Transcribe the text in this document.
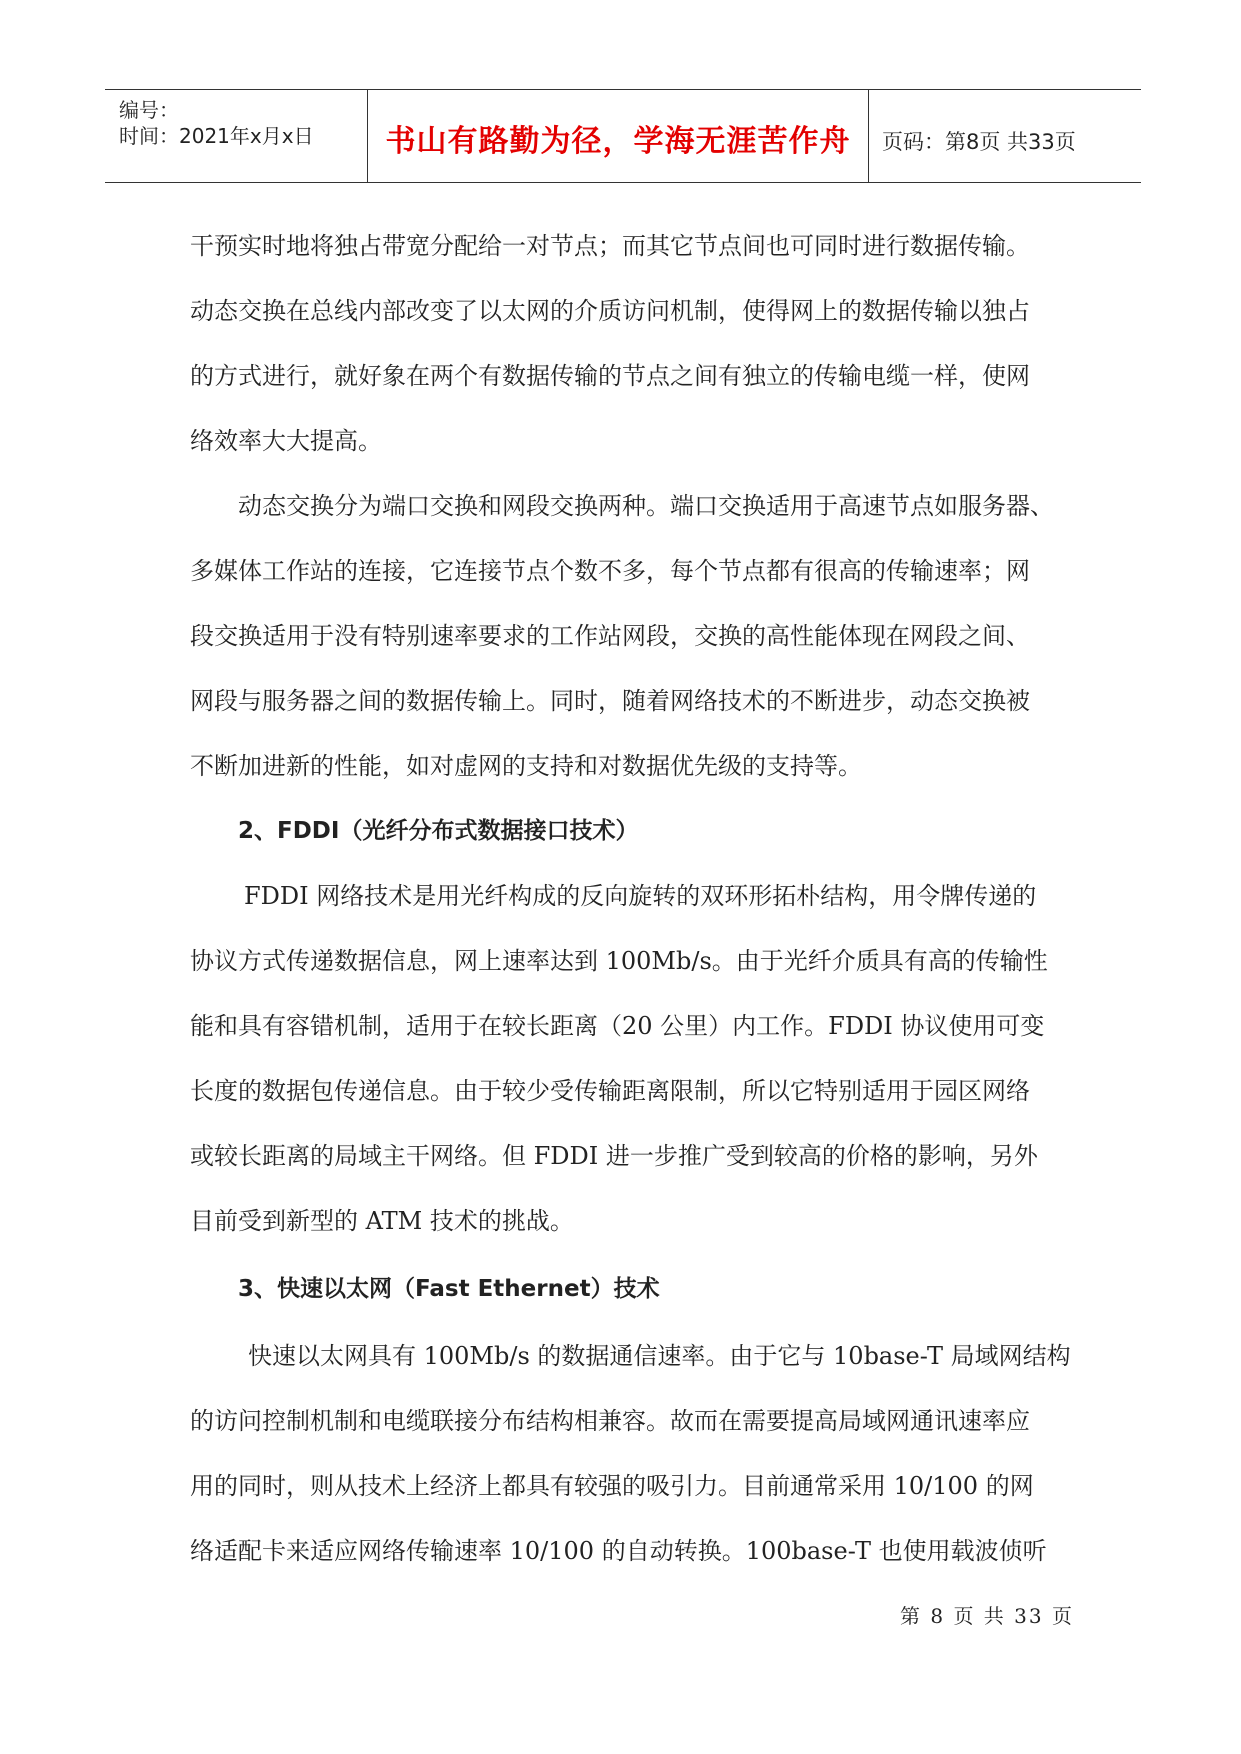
编号：
时间：2021年x月x日	书山有路勤为径，学海无涯苦作舟	页码：第8页 共33页
干预实时地将独占带宽分配给一对节点；而其它节点间也可同时进行数据传输。
动态交换在总线内部改变了以太网的介质访问机制，使得网上的数据传输以独占
的方式进行，就好象在两个有数据传输的节点之间有独立的传输电缆一样，使网
络效率大大提高。
动态交换分为端口交换和网段交换两种。端口交换适用于高速节点如服务器、
多媒体工作站的连接，它连接节点个数不多，每个节点都有很高的传输速率；网
段交换适用于没有特别速率要求的工作站网段，交换的高性能体现在网段之间、
网段与服务器之间的数据传输上。同时，随着网络技术的不断进步，动态交换被
不断加进新的性能，如对虚网的支持和对数据优先级的支持等。
2、FDDI（光纤分布式数据接口技术）
FDDI 网络技术是用光纤构成的反向旋转的双环形拓朴结构，用令牌传递的
协议方式传递数据信息，网上速率达到 100Mb/s。由于光纤介质具有高的传输性
能和具有容错机制，适用于在较长距离（20 公里）内工作。FDDI 协议使用可变
长度的数据包传递信息。由于较少受传输距离限制，所以它特别适用于园区网络
或较长距离的局域主干网络。但 FDDI 进一步推广受到较高的价格的影响，另外
目前受到新型的 ATM 技术的挑战。
3、快速以太网（Fast Ethernet）技术
快速以太网具有 100Mb/s 的数据通信速率。由于它与 10base-T 局域网结构
的访问控制机制和电缆联接分布结构相兼容。故而在需要提高局域网通讯速率应
用的同时，则从技术上经济上都具有较强的吸引力。目前通常采用 10/100 的网
络适配卡来适应网络传输速率 10/100 的自动转换。100base-T 也使用载波侦听
第 8 页 共 33 页
